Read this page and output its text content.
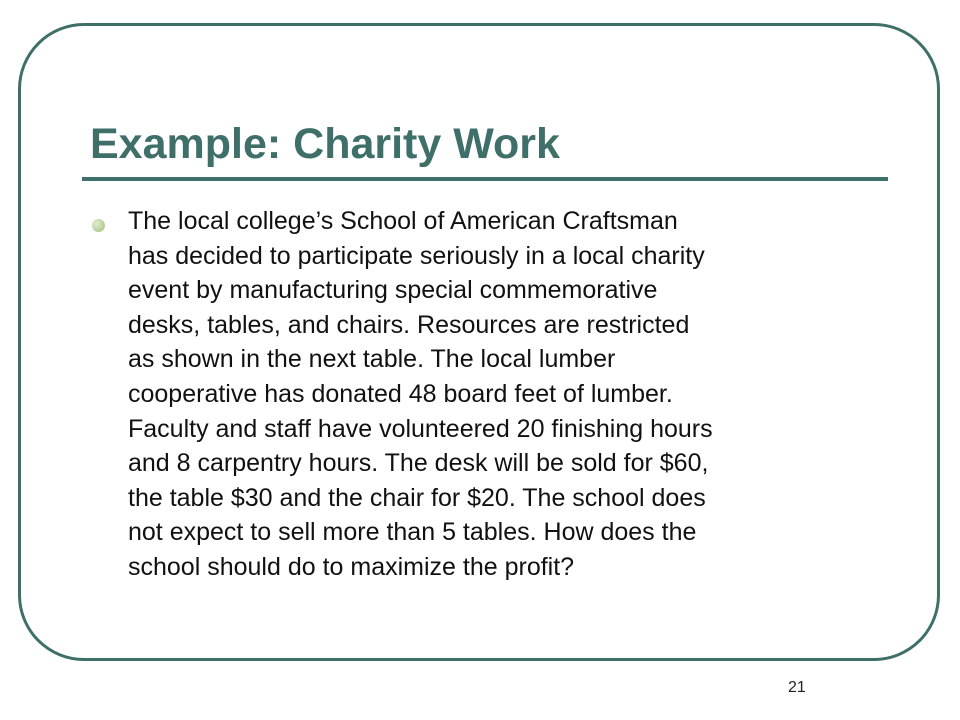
Example: Charity Work

The local college’s School of American Craftsman
has decided to participate seriously in a local charity
event by manufacturing special commemorative
desks, tables, and chairs. Resources are restricted
as shown in the next table. The local lumber
cooperative has donated 48 board feet of lumber.
Faculty and staff have volunteered 20 finishing hours
and 8 carpentry hours. The desk will be sold for $60,
the table $30 and the chair for $20. The school does
not expect to sell more than 5 tables. How does the
school should do to maximize the profit?

21
